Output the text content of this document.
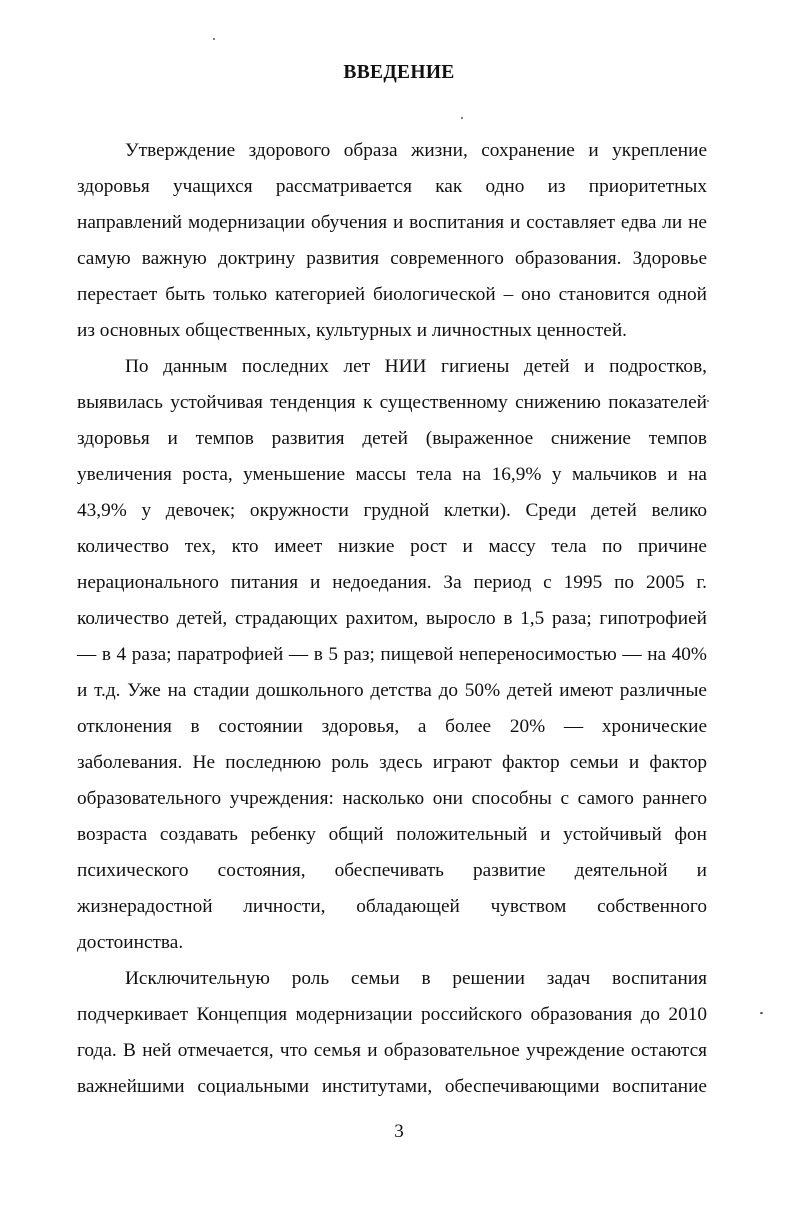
ВВЕДЕНИЕ
Утверждение здорового образа жизни, сохранение и укрепление
здоровья учащихся рассматривается как одно из приоритетных
направлений модернизации обучения и воспитания и составляет едва ли не
самую важную доктрину развития современного образования. Здоровье
перестает быть только категорией биологической – оно становится одной
из основных общественных, культурных и личностных ценностей.
По данным последних лет НИИ гигиены детей и подростков,
выявилась устойчивая тенденция к существенному снижению показателей
здоровья и темпов развития детей (выраженное снижение темпов
увеличения роста, уменьшение массы тела на 16,9% у мальчиков и на
43,9% у девочек; окружности грудной клетки). Среди детей велико
количество тех, кто имеет низкие рост и массу тела по причине
нерационального питания и недоедания. За период с 1995 по 2005 г.
количество детей, страдающих рахитом, выросло в 1,5 раза; гипотрофией
— в 4 раза; паратрофией — в 5 раз; пищевой непереносимостью — на 40%
и т.д. Уже на стадии дошкольного детства до 50% детей имеют различные
отклонения в состоянии здоровья, а более 20% — хронические
заболевания. Не последнюю роль здесь играют фактор семьи и фактор
образовательного учреждения: насколько они способны с самого раннего
возраста создавать ребенку общий положительный и устойчивый фон
психического состояния, обеспечивать развитие деятельной и
жизнерадостной личности, обладающей чувством собственного
достоинства.
Исключительную роль семьи в решении задач воспитания
подчеркивает Концепция модернизации российского образования до 2010
года. В ней отмечается, что семья и образовательное учреждение остаются
важнейшими социальными институтами, обеспечивающими воспитание
3
